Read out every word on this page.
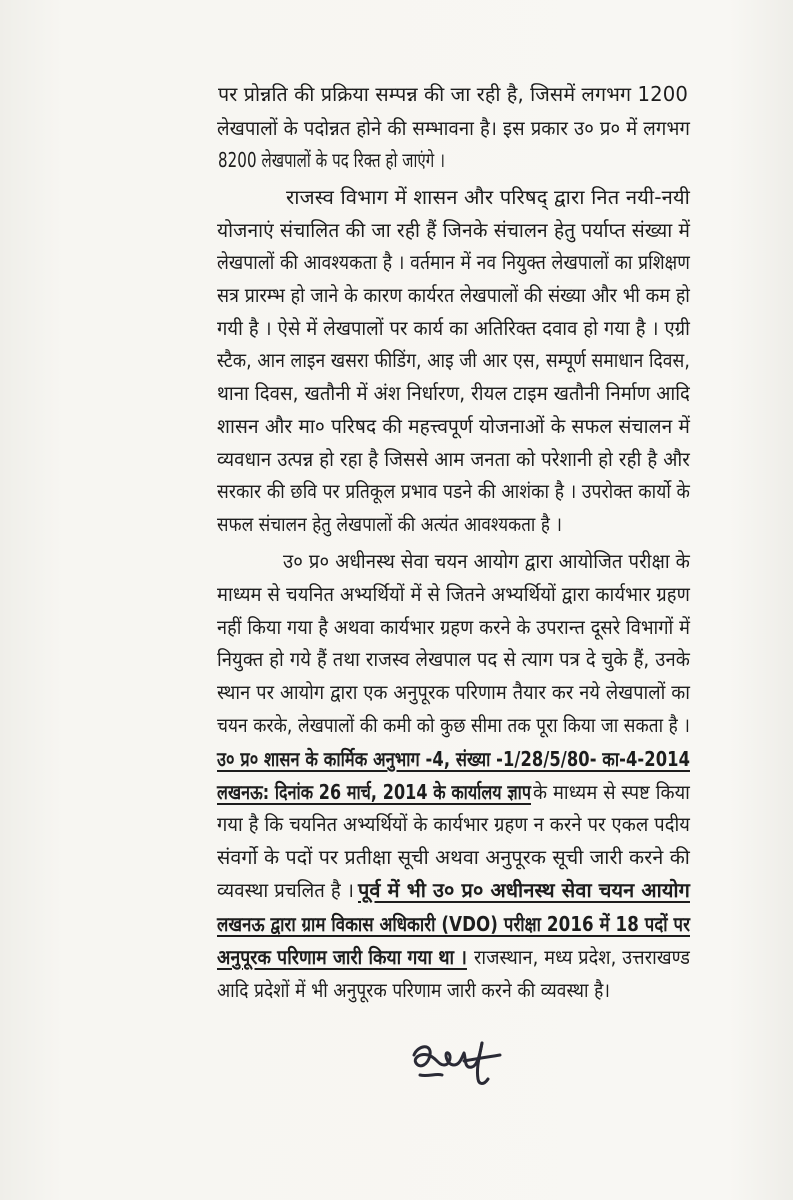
पर प्रोन्नति की प्रक्रिया सम्पन्न की जा रही है, जिसमें लगभग 1200
लेखपालों के पदोन्नत होने की सम्भावना है। इस प्रकार उ० प्र० में लगभग
8200 लेखपालों के पद रिक्त हो जाएंगे ।
राजस्व विभाग में शासन और परिषद् द्वारा नित नयी-नयी
योजनाएं संचालित की जा रही हैं जिनके संचालन हेतु पर्याप्त संख्या में
लेखपालों की आवश्यकता है । वर्तमान में नव नियुक्त लेखपालों का प्रशिक्षण
सत्र प्रारम्भ हो जाने के कारण कार्यरत लेखपालों की संख्या और भी कम हो
गयी है । ऐसे में लेखपालों पर कार्य का अतिरिक्त दवाव हो गया है । एग्री
स्टैक, आन लाइन खसरा फीडिंग, आइ जी आर एस, सम्पूर्ण समाधान दिवस,
थाना दिवस, खतौनी में अंश निर्धारण, रीयल टाइम खतौनी निर्माण आदि
शासन और मा० परिषद की महत्त्वपूर्ण योजनाओं के सफल संचालन में
व्यवधान उत्पन्न हो रहा है जिससे आम जनता को परेशानी हो रही है और
सरकार की छवि पर प्रतिकूल प्रभाव पडने की आशंका है । उपरोक्त कार्यो के
सफल संचालन हेतु लेखपालों की अत्यंत आवश्यकता है ।
उ० प्र० अधीनस्थ सेवा चयन आयोग द्वारा आयोजित परीक्षा के
माध्यम से चयनित अभ्यर्थियों में से जितने अभ्यर्थियों द्वारा कार्यभार ग्रहण
नहीं किया गया है अथवा कार्यभार ग्रहण करने के उपरान्त दूसरे विभागों में
नियुक्त हो गये हैं तथा राजस्व लेखपाल पद से त्याग पत्र दे चुके हैं, उनके
स्थान पर आयोग द्वारा एक अनुपूरक परिणाम तैयार कर नये लेखपालों का
चयन करके, लेखपालों की कमी को कुछ सीमा तक पूरा किया जा सकता है ।
उ० प्र० शासन के कार्मिक अनुभाग -4, संख्या -1/28/5/80- का-4-2014
लखनऊ: दिनांक 26 मार्च, 2014 के कार्यालय ज्ञाप के माध्यम से स्पष्ट किया
गया है कि चयनित अभ्यर्थियों के कार्यभार ग्रहण न करने पर एकल पदीय
संवर्गो के पदों पर प्रतीक्षा सूची अथवा अनुपूरक सूची जारी करने की
व्यवस्था प्रचलित है । पूर्व में भी उ० प्र० अधीनस्थ सेवा चयन आयोग
लखनऊ द्वारा ग्राम विकास अधिकारी (VDO) परीक्षा 2016 में 18 पदों पर
अनुपूरक परिणाम जारी किया गया था । राजस्थान, मध्य प्रदेश, उत्तराखण्ड
आदि प्रदेशों में भी अनुपूरक परिणाम जारी करने की व्यवस्था है।
